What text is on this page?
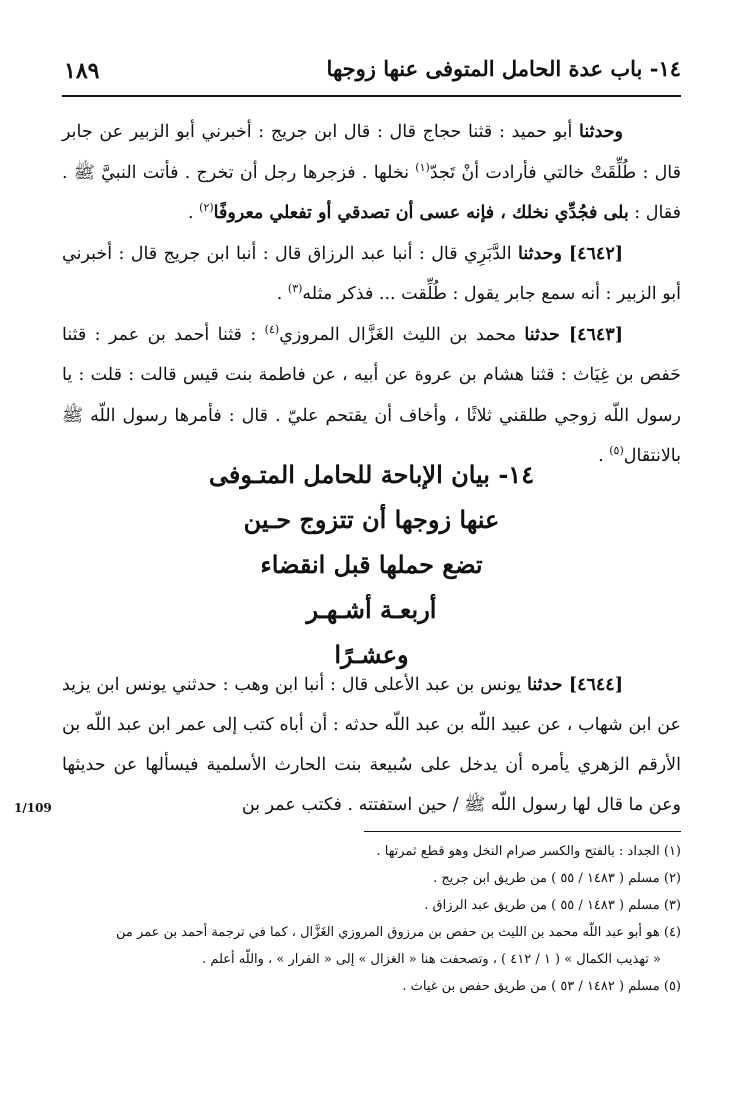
١٤- باب عدة الحامل المتوفى عنها زوجها
١٨٩

وحدثنا أبو حميد : قثنا حجاج قال : قال ابن جريج : أخبرني أبو الزبير عن جابر قال : طُلِّقَتْ خالتي فأرادت أنْ تَجدّ$^{(١)}$ نخلها . فزجرها رجل أن تخرج . فأتت النبيَّ ﷺ . فقال : بلى فجُدِّي نخلك ، فإنه عسى أن تصدقي أو تفعلي معروفًا$^{(٢)}$ .

[٤٦٤٢] وحدثنا الدَّبَرِي قال : أنبا عبد الرزاق قال : أنبا ابن جريج قال : أخبرني أبو الزبير : أنه سمع جابر يقول : طُلِّقت ... فذكر مثله$^{(٣)}$ .

[٤٦٤٣] حدثنا محمد بن الليث الغَزَّال المروزي$^{(٤)}$ : قثنا أحمد بن عمر : قثنا حَفص بن غِيَاث : قثنا هشام بن عروة عن أبيه ، عن فاطمة بنت قيس قالت : قلت : يا رسول اللّه زوجي طلقني ثلاثًا ، وأخاف أن يقتحم عليّ . قال : فأمرها رسول اللّه ﷺ بالانتقال$^{(٥)}$ .

١٤- بيان الإباحة للحامل المتـوفى
عنها زوجها أن تتزوج حـين
تضع حملها قبل انقضاء
أربعـة أشـهـر
وعشـرًا

[٤٦٤٤] حدثنا يونس بن عبد الأعلى قال : أنبا ابن وهب : حدثني يونس ابن يزيد عن ابن شهاب ، عن عبيد اللّه بن عبد اللّه حدثه : أن أباه كتب إلى عمر ابن عبد اللّه بن الأرقم الزهري يأمره أن يدخل على سُبيعة بنت الحارث الأسلمية فيسألها عن حديثها وعن ما قال لها رسول اللّه ﷺ / حين استفتته . فكتب عمر بن

1/109
(١) الجداد : بالفتح والكسر صرام النخل وهو قطع ثمرتها .
(٢) مسلم ( ١٤٨٣ / ٥٥ ) من طريق ابن جريج .
(٣) مسلم ( ١٤٨٣ / ٥٥ ) من طريق عبد الرزاق .
(٤) هو أبو عبد اللّه محمد بن الليث بن حفص بن مرزوق المروزي الغَزَّال ، كما في ترجمة أحمد بن عمر من
« تهذيب الكمال » ( ١ / ٤١٢ ) ، وتصحفت هنا « الغزال » إلى « الفرار » ، واللّه أعلم .
(٥) مسلم ( ١٤٨٢ / ٥٣ ) من طريق حفص بن غياث .
